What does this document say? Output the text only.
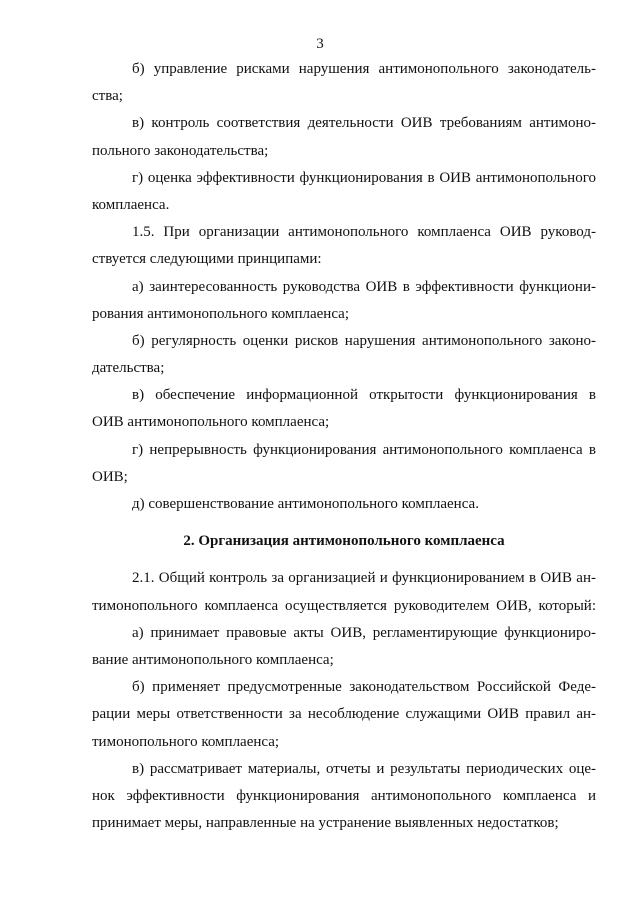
3
б) управление рисками нарушения антимонопольного законодатель-
ства;
в) контроль соответствия деятельности ОИВ требованиям антимоно-
польного законодательства;
г) оценка эффективности функционирования в ОИВ антимонопольного
комплаенса.
1.5. При организации антимонопольного комплаенса ОИВ руковод-
ствуется следующими принципами:
а) заинтересованность руководства ОИВ в эффективности функциони-
рования антимонопольного комплаенса;
б) регулярность оценки рисков нарушения антимонопольного законо-
дательства;
в) обеспечение информационной открытости функционирования в
ОИВ антимонопольного комплаенса;
г) непрерывность функционирования антимонопольного комплаенса в
ОИВ;
д) совершенствование антимонопольного комплаенса.
2. Организация антимонопольного комплаенса
2.1. Общий контроль за организацией и функционированием в ОИВ ан-
тимонопольного комплаенса осуществляется руководителем ОИВ, который:
а) принимает правовые акты ОИВ, регламентирующие функциониро-
вание антимонопольного комплаенса;
б) применяет предусмотренные законодательством Российской Феде-
рации меры ответственности за несоблюдение служащими ОИВ правил ан-
тимонопольного комплаенса;
в) рассматривает материалы, отчеты и результаты периодических оце-
нок эффективности функционирования антимонопольного комплаенса и
принимает меры, направленные на устранение выявленных недостатков;
